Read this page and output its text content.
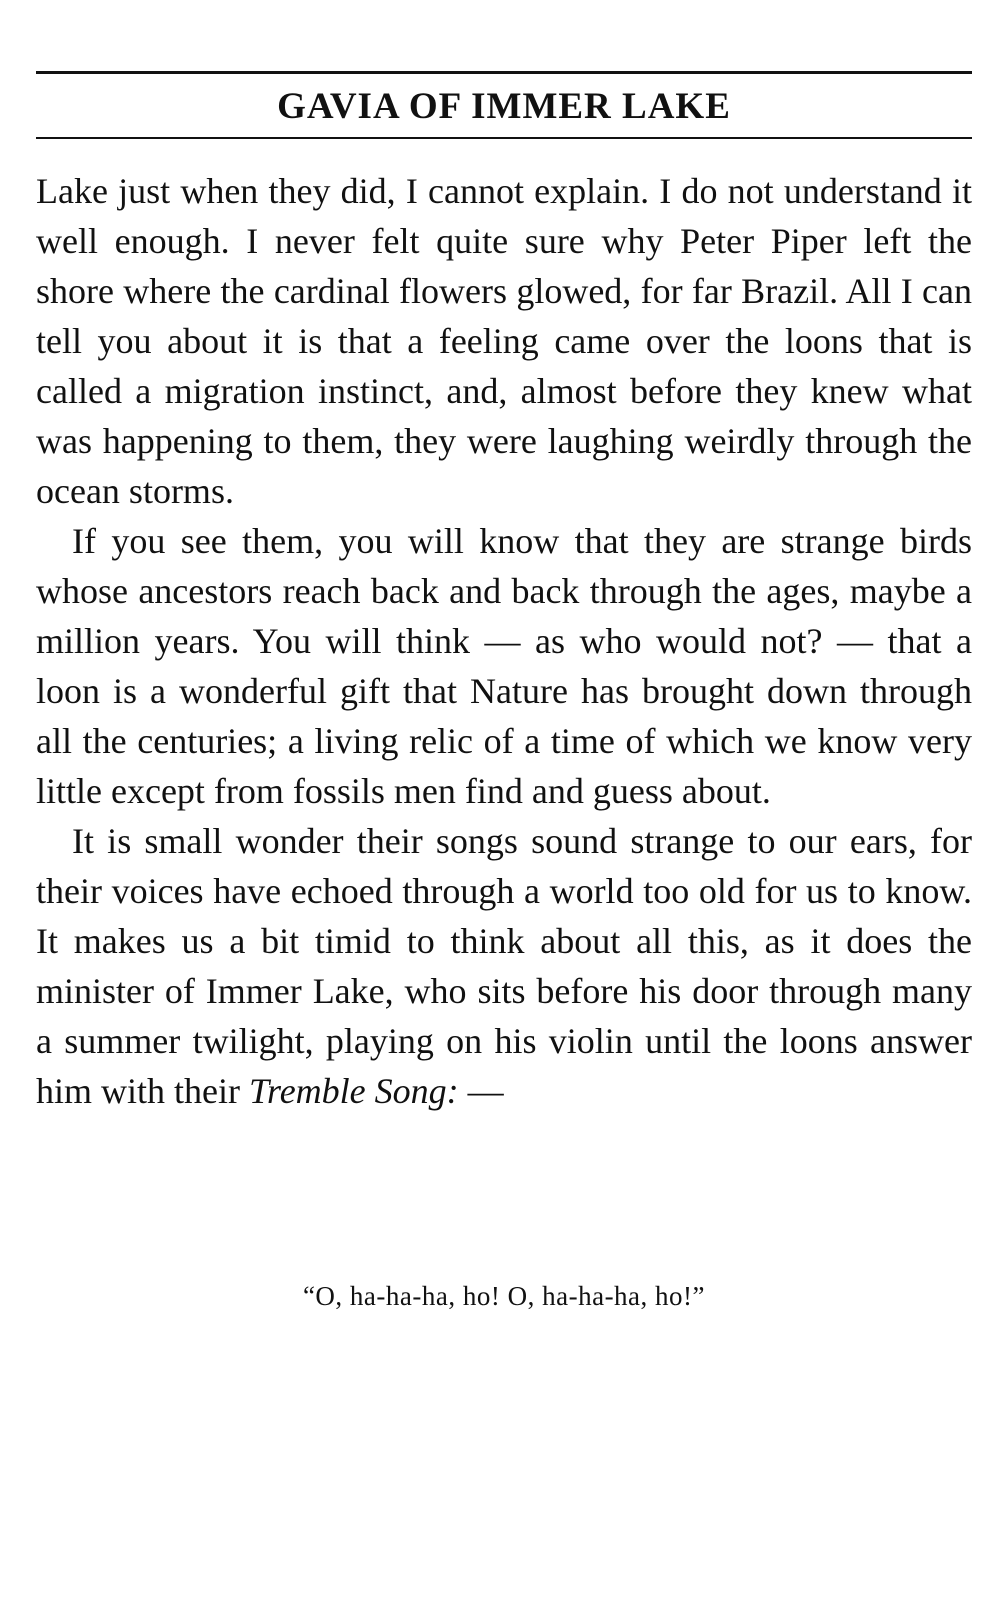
GAVIA OF IMMER LAKE

Lake just when they did, I cannot explain. I do not understand it well enough. I never felt quite sure why Peter Piper left the shore where the cardinal flowers glowed, for far Brazil. All I can tell you about it is that a feeling came over the loons that is called a migration instinct, and, almost before they knew what was happening to them, they were laughing weirdly through the ocean storms.

If you see them, you will know that they are strange birds whose ancestors reach back and back through the ages, maybe a million years. You will think — as who would not? — that a loon is a wonderful gift that Nature has brought down through all the centuries; a living relic of a time of which we know very little except from fossils men find and guess about.

It is small wonder their songs sound strange to our ears, for their voices have echoed through a world too old for us to know. It makes us a bit timid to think about all this, as it does the minister of Immer Lake, who sits before his door through many a summer twilight, playing on his violin until the loons answer him with their Tremble Song: —

“O, ha-ha-ha, ho! O, ha-ha-ha, ho!”
